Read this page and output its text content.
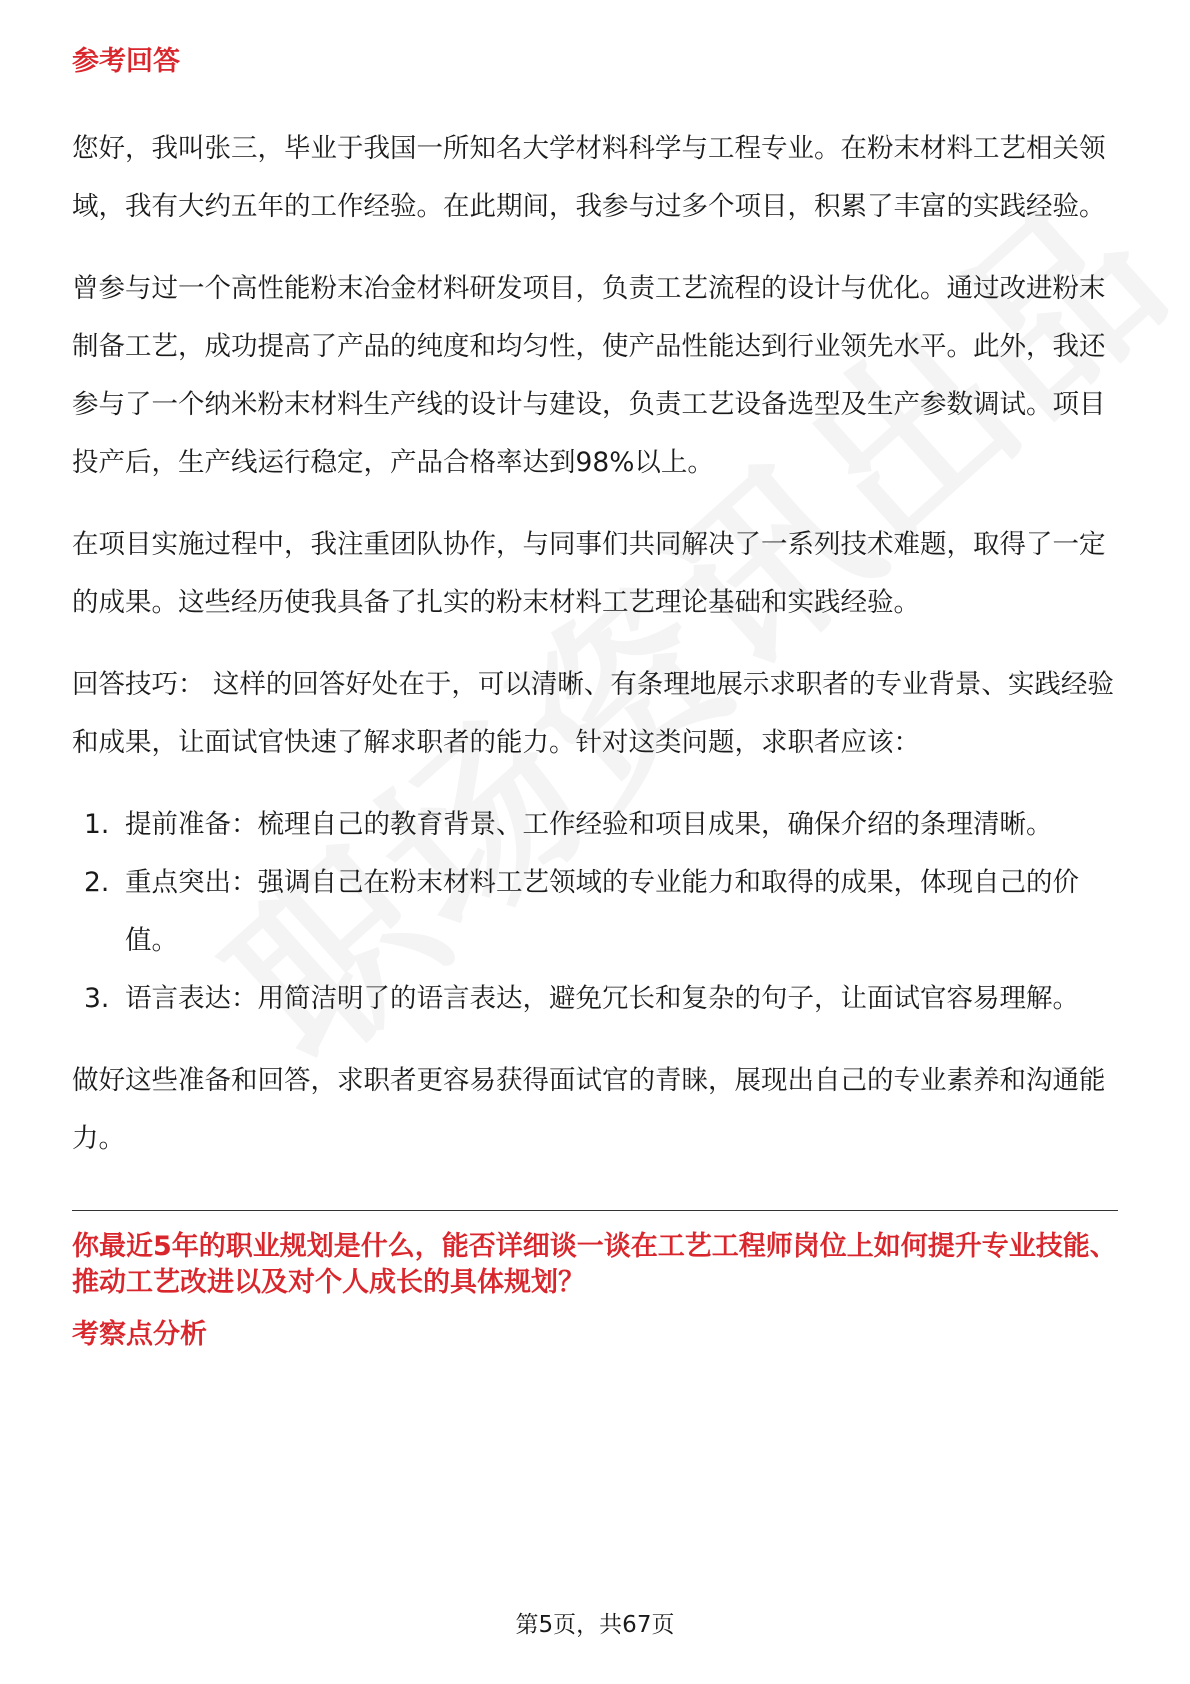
参考回答

您好，我叫张三，毕业于我国一所知名大学材料科学与工程专业。在粉末材料工艺相关领域，我有大约五年的工作经验。在此期间，我参与过多个项目，积累了丰富的实践经验。

曾参与过一个高性能粉末冶金材料研发项目，负责工艺流程的设计与优化。通过改进粉末制备工艺，成功提高了产品的纯度和均匀性，使产品性能达到行业领先水平。此外，我还参与了一个纳米粉末材料生产线的设计与建设，负责工艺设备选型及生产参数调试。项目投产后，生产线运行稳定，产品合格率达到98%以上。

在项目实施过程中，我注重团队协作，与同事们共同解决了一系列技术难题，取得了一定的成果。这些经历使我具备了扎实的粉末材料工艺理论基础和实践经验。

回答技巧： 这样的回答好处在于，可以清晰、有条理地展示求职者的专业背景、实践经验和成果，让面试官快速了解求职者的能力。针对这类问题，求职者应该：

1. 提前准备：梳理自己的教育背景、工作经验和项目成果，确保介绍的条理清晰。
2. 重点突出：强调自己在粉末材料工艺领域的专业能力和取得的成果，体现自己的价值。
3. 语言表达：用简洁明了的语言表达，避免冗长和复杂的句子，让面试官容易理解。

做好这些准备和回答，求职者更容易获得面试官的青睐，展现出自己的专业素养和沟通能力。

你最近5年的职业规划是什么，能否详细谈一谈在工艺工程师岗位上如何提升专业技能、推动工艺改进以及对个人成长的具体规划？
考察点分析
第5页，共67页
